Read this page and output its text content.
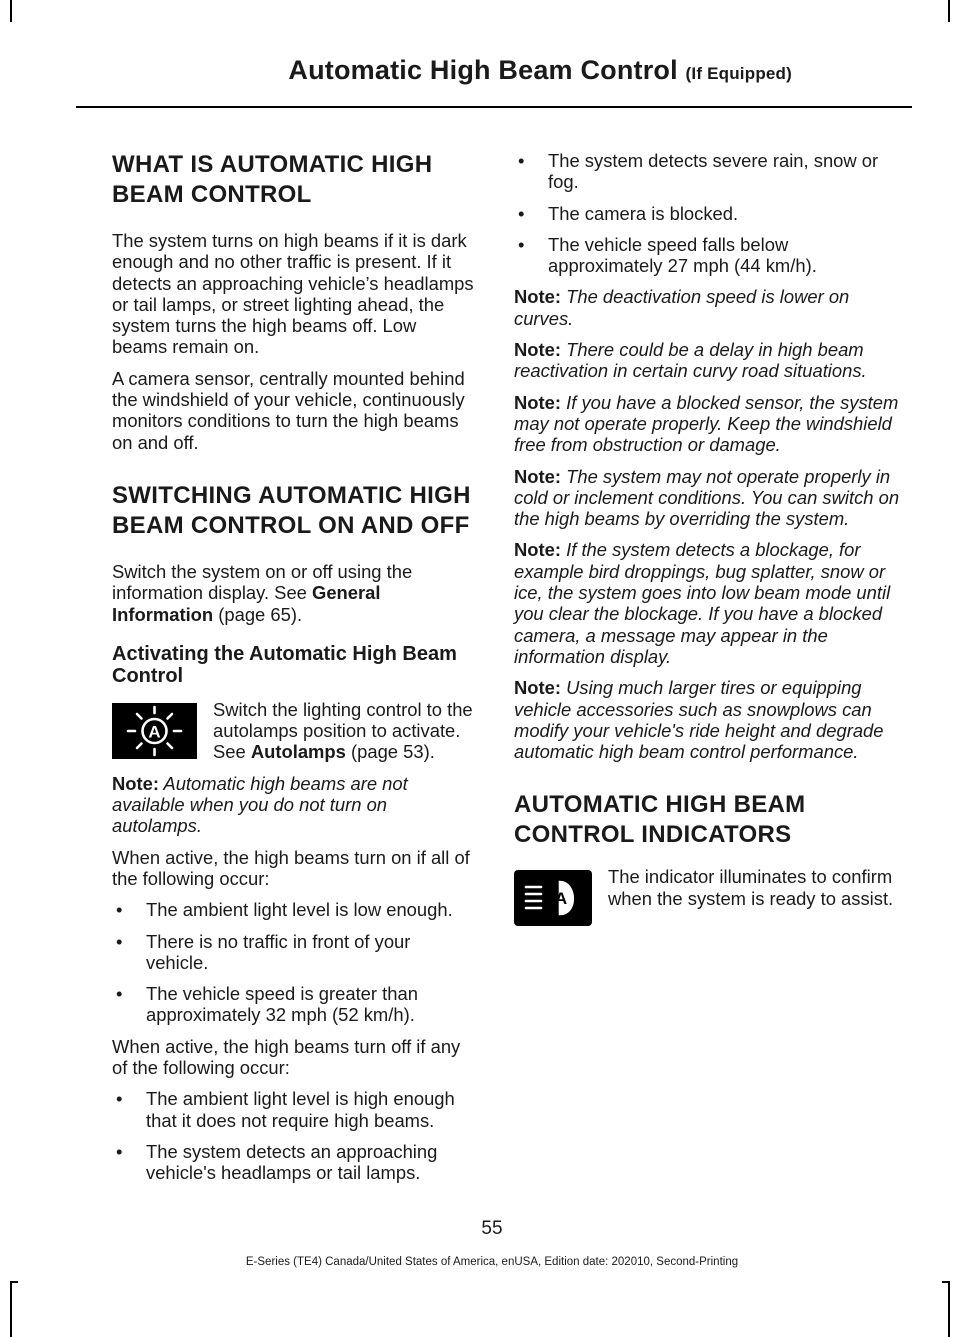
Automatic High Beam Control (If Equipped)
WHAT IS AUTOMATIC HIGH
BEAM CONTROL

The system turns on high beams if it is dark enough and no other traffic is present. If it detects an approaching vehicle’s headlamps or tail lamps, or street lighting ahead, the system turns the high beams off. Low beams remain on.

A camera sensor, centrally mounted behind the windshield of your vehicle, continuously monitors conditions to turn the high beams on and off.

SWITCHING AUTOMATIC HIGH
BEAM CONTROL ON AND OFF

Switch the system on or off using the information display. See General Information (page 65).

Activating the Automatic High Beam Control
A

Switch the lighting control to the autolamps position to activate. See Autolamps (page 53).

Note: Automatic high beams are not available when you do not turn on autolamps.

When active, the high beams turn on if all of the following occur:

• The ambient light level is low enough.
• There is no traffic in front of your vehicle.
• The vehicle speed is greater than approximately 32 mph (52 km/h).

When active, the high beams turn off if any of the following occur:

• The ambient light level is high enough that it does not require high beams.
• The system detects an approaching vehicle's headlamps or tail lamps.
• The system detects severe rain, snow or fog.
• The camera is blocked.
• The vehicle speed falls below approximately 27 mph (44 km/h).

Note: The deactivation speed is lower on curves.

Note: There could be a delay in high beam reactivation in certain curvy road situations.

Note: If you have a blocked sensor, the system may not operate properly. Keep the windshield free from obstruction or damage.

Note: The system may not operate properly in cold or inclement conditions. You can switch on the high beams by overriding the system.

Note: If the system detects a blockage, for example bird droppings, bug splatter, snow or ice, the system goes into low beam mode until you clear the blockage. If you have a blocked camera, a message may appear in the information display.

Note: Using much larger tires or equipping vehicle accessories such as snowplows can modify your vehicle's ride height and degrade automatic high beam control performance.

AUTOMATIC HIGH BEAM
CONTROL INDICATORS
A

The indicator illuminates to confirm when the system is ready to assist.

55
E-Series (TE4) Canada/United States of America, enUSA, Edition date: 202010, Second-Printing
